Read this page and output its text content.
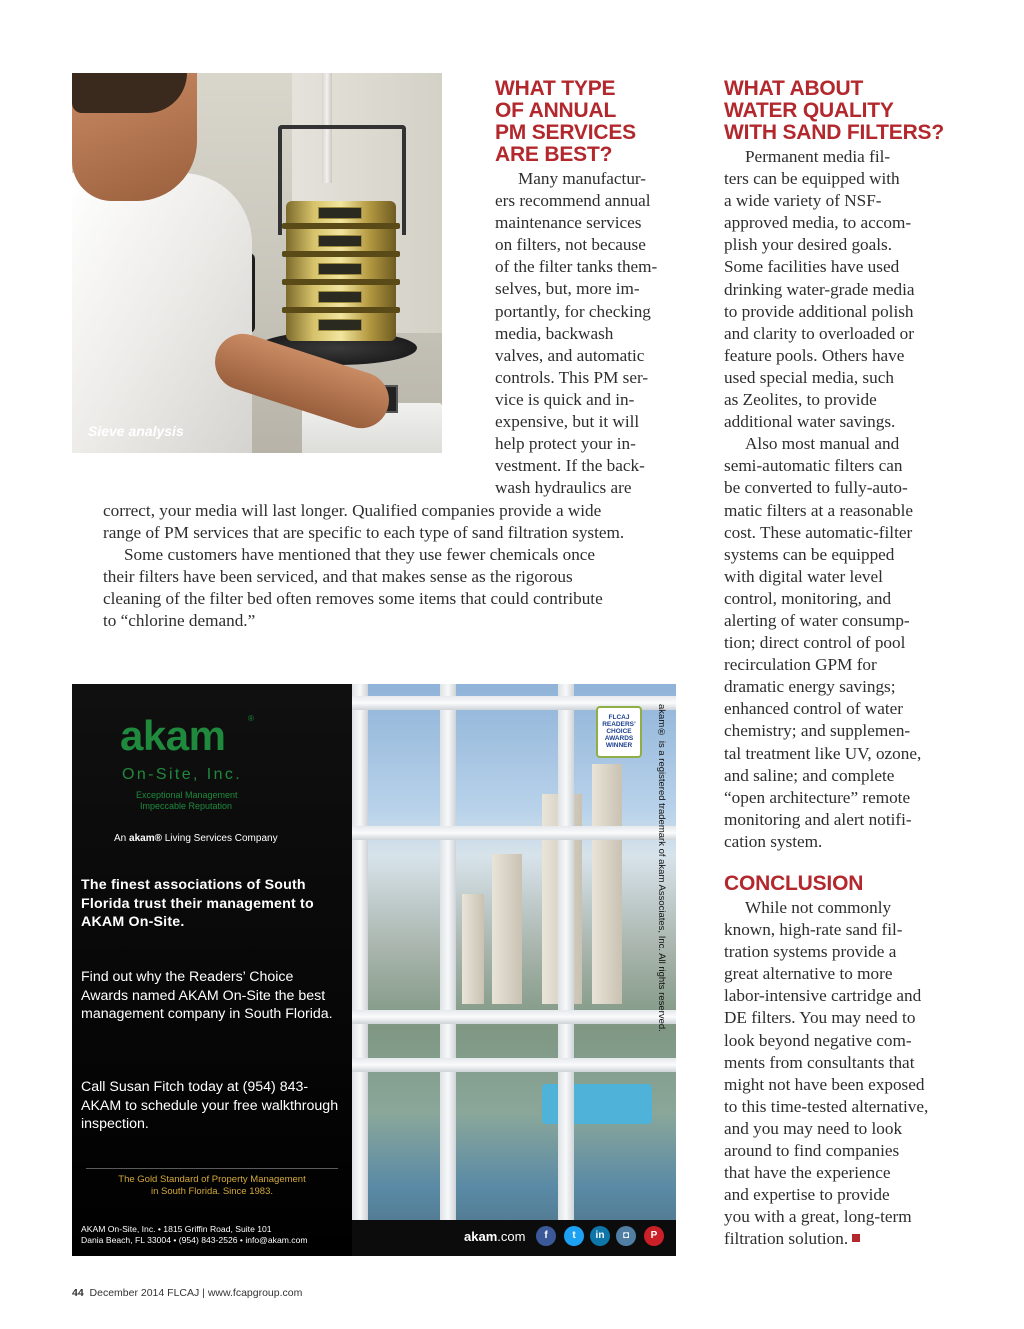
Sieve analysis
WHAT TYPE
OF ANNUAL
PM SERVICES
ARE BEST?
Many manufactur-
ers recommend annual
maintenance services
on filters, not because
of the filter tanks them-
selves, but, more im-
portantly, for checking
media, backwash
valves, and automatic
controls. This PM ser-
vice is quick and in-
expensive, but it will
help protect your in-
vestment. If the back-
wash hydraulics are
correct, your media will last longer. Qualified companies provide a wide
range of PM services that are specific to each type of sand filtration system.
Some customers have mentioned that they use fewer chemicals once
their filters have been serviced, and that makes sense as the rigorous
cleaning of the filter bed often removes some items that could contribute
to “chlorine demand.”
WHAT ABOUT
WATER QUALITY
WITH SAND FILTERS?
Permanent media fil-
ters can be equipped with
a wide variety of NSF-
approved media, to accom-
plish your desired goals.
Some facilities have used
drinking water-grade media
to provide additional polish
and clarity to overloaded or
feature pools. Others have
used special media, such
as Zeolites, to provide
additional water savings.
Also most manual and
semi-automatic filters can
be converted to fully-auto-
matic filters at a reasonable
cost. These automatic-filter
systems can be equipped
with digital water level
control, monitoring, and
alerting of water consump-
tion; direct control of pool
recirculation GPM for
dramatic energy savings;
enhanced control of water
chemistry; and supplemen-
tal treatment like UV, ozone,
and saline; and complete
“open architecture” remote
monitoring and alert notifi-
cation system.
CONCLUSION
While not commonly
known, high-rate sand fil-
tration systems provide a
great alternative to more
labor-intensive cartridge and
DE filters. You may need to
look beyond negative com-
ments from consultants that
might not have been exposed
to this time-tested alternative,
and you may need to look
around to find companies
that have the experience
and expertise to provide
you with a great, long-term
filtration solution.
akam	®
On-Site, Inc.
Exceptional Management
Impeccable Reputation
An akam® Living Services Company
The finest associations of South Florida trust their management to AKAM On-Site.
Find out why the Readers’ Choice Awards named AKAM On-Site the best management company in South Florida.
Call Susan Fitch today at (954) 843-AKAM to schedule your free walkthrough inspection.
The Gold Standard of Property Management
in South Florida. Since 1983.
AKAM On-Site, Inc. • 1815 Griffin Road, Suite 101
Dania Beach, FL 33004 • (954) 843-2526 • info@akam.com
FLCAJ
READERS’
CHOICE
AWARDS
WINNER	akam® is a registered trademark of akam Associates, Inc. All rights reserved.
akam.com	f	t	in	◘	P
44 December 2014 FLCAJ | www.fcapgroup.com
